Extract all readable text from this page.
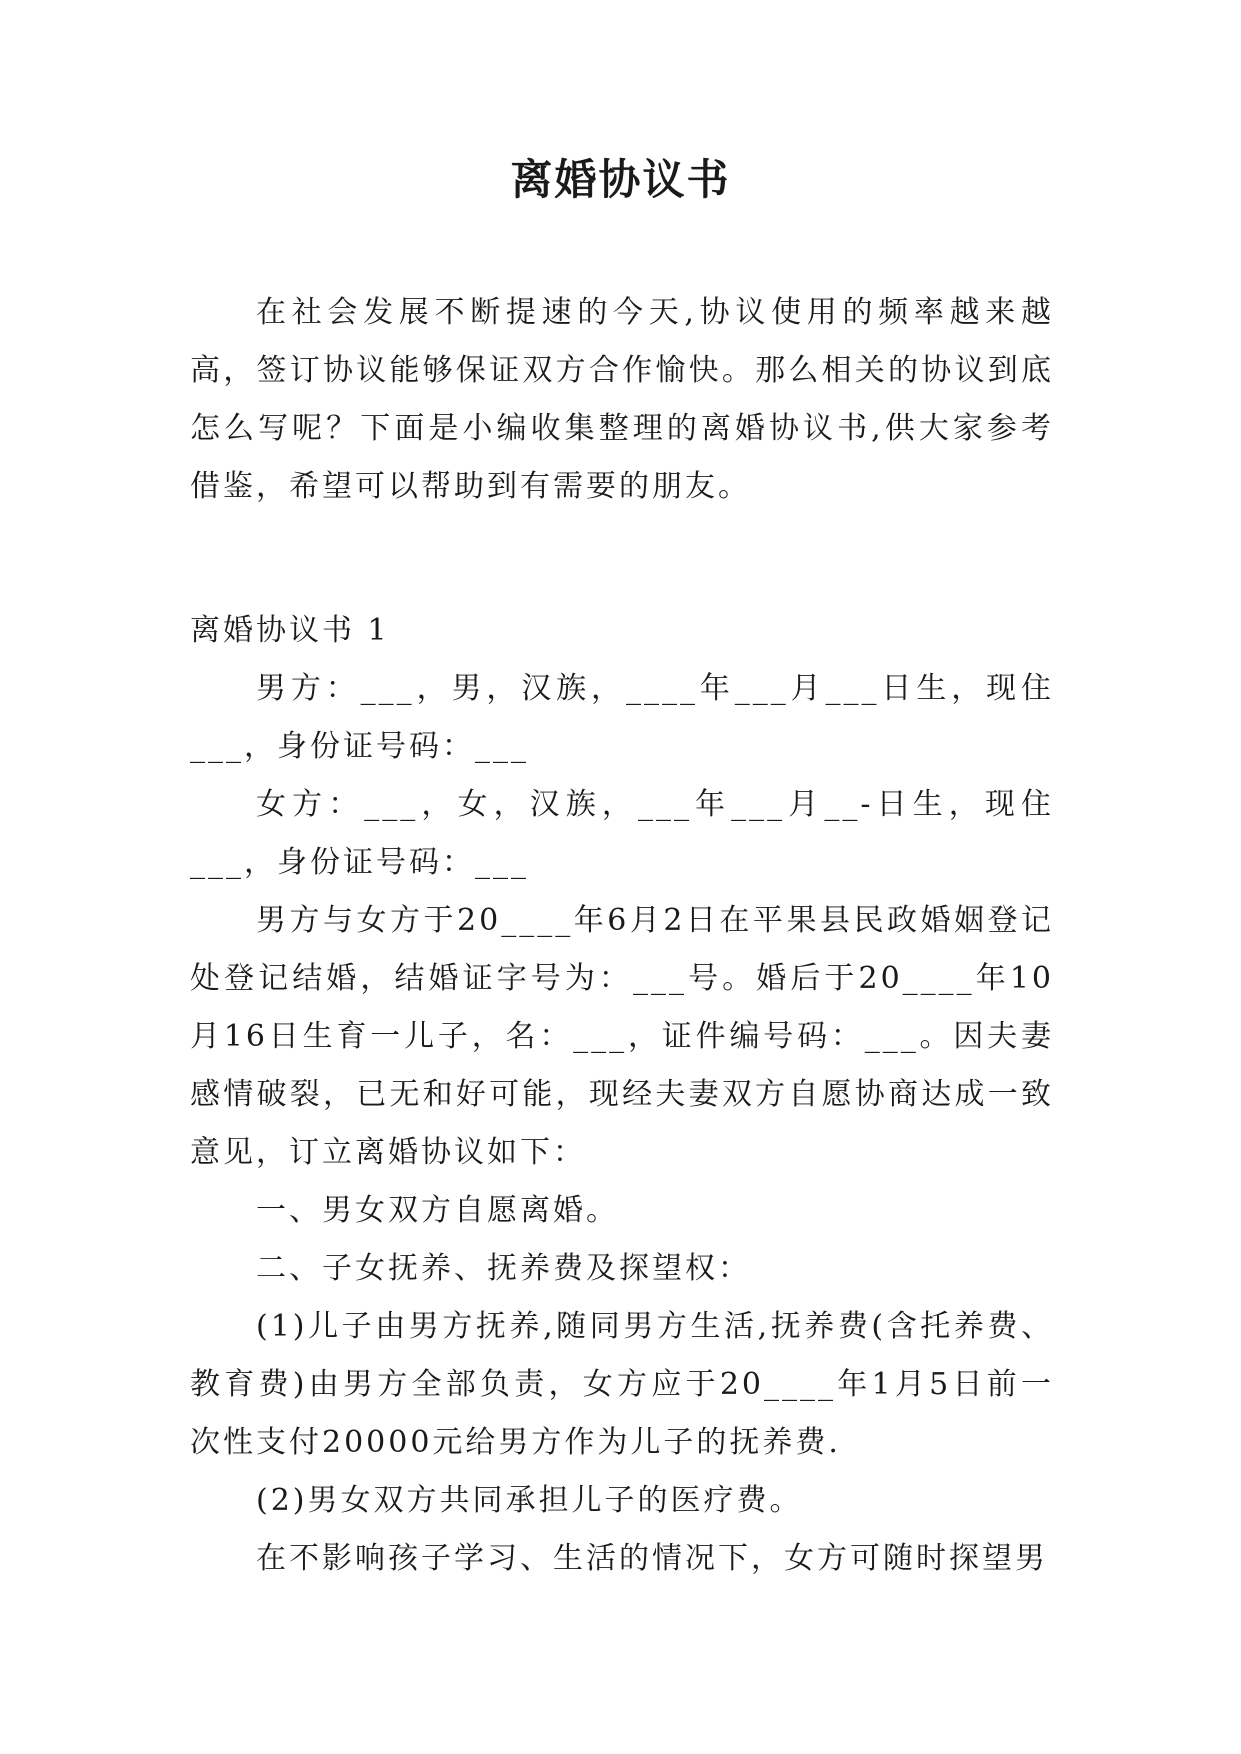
离婚协议书

在社会发展不断提速的今天,协议使用的频率越来越高，签订协议能够保证双方合作愉快。那么相关的协议到底怎么写呢？下面是小编收集整理的离婚协议书,供大家参考借鉴，希望可以帮助到有需要的朋友。

离婚协议书 1

男方：___，男，汉族，____年___月___日生，现住___，身份证号码：___

女方：___，女，汉族，___年___月__-日生，现住___，身份证号码：___

男方与女方于20____年6月2日在平果县民政婚姻登记处登记结婚，结婚证字号为：___号。婚后于20____年10月16日生育一儿子，名：___，证件编号码：___。因夫妻感情破裂，已无和好可能，现经夫妻双方自愿协商达成一致意见，订立离婚协议如下：

一、男女双方自愿离婚。

二、子女抚养、抚养费及探望权：

(1)儿子由男方抚养,随同男方生活,抚养费(含托养费、教育费)由男方全部负责，女方应于20____年1月5日前一次性支付20000元给男方作为儿子的抚养费.

(2)男女双方共同承担儿子的医疗费。

在不影响孩子学习、生活的情况下，女方可随时探望男
